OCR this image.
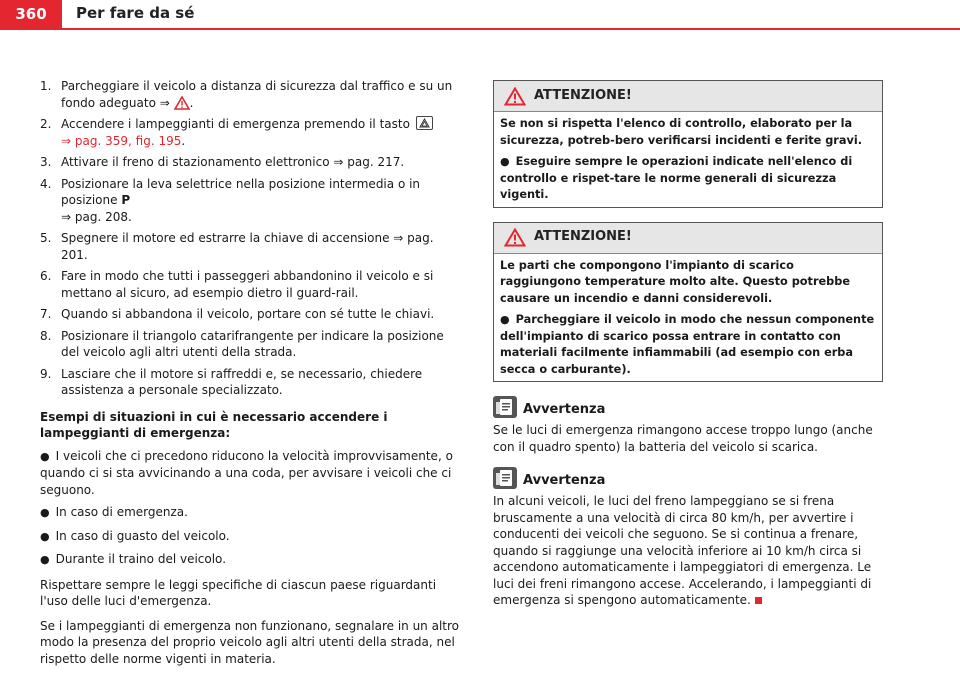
360	Per fare da sé
1. Parcheggiare il veicolo a distanza di sicurezza dal traffico e su un fondo adeguato ⇒ .
2. Accendere i lampeggianti di emergenza premendo il tasto

⇒ pag. 359, fig. 195.
3. Attivare il freno di stazionamento elettronico ⇒ pag. 217.
4. Posizionare la leva selettrice nella posizione intermedia o in posizione P
⇒ pag. 208.
5. Spegnere il motore ed estrarre la chiave di accensione ⇒ pag. 201.
6. Fare in modo che tutti i passeggeri abbandonino il veicolo e si mettano al sicuro, ad esempio dietro il guard-rail.
7. Quando si abbandona il veicolo, portare con sé tutte le chiavi.
8. Posizionare il triangolo catarifrangente per indicare la posizione del veicolo agli altri utenti della strada.
9. Lasciare che il motore si raffreddi e, se necessario, chiedere assistenza a personale specializzato.
Esempi di situazioni in cui è necessario accendere i lampeggianti di emergenza:
● I veicoli che ci precedono riducono la velocità improvvisamente, o quando ci si sta avvicinando a una coda, per avvisare i veicoli che ci seguono.
● In caso di emergenza.
● In caso di guasto del veicolo.
● Durante il traino del veicolo.

Rispettare sempre le leggi specifiche di ciascun paese riguardanti l'uso delle luci d'emergenza.

Se i lampeggianti di emergenza non funzionano, segnalare in un altro modo la presenza del proprio veicolo agli altri utenti della strada, nel rispetto delle norme vigenti in materia.

ATTENZIONE!

Se non si rispetta l'elenco di controllo, elaborato per la sicurezza, potreb-bero verificarsi incidenti e ferite gravi.

● Eseguire sempre le operazioni indicate nell'elenco di controllo e rispet-tare le norme generali di sicurezza vigenti.

ATTENZIONE!

Le parti che compongono l'impianto di scarico raggiungono temperature molto alte. Questo potrebbe causare un incendio e danni considerevoli.

● Parcheggiare il veicolo in modo che nessun componente dell'impianto di scarico possa entrare in contatto con materiali facilmente infiammabili (ad esempio con erba secca o carburante).

Avvertenza

Se le luci di emergenza rimangono accese troppo lungo (anche con il quadro spento) la batteria del veicolo si scarica.

Avvertenza

In alcuni veicoli, le luci del freno lampeggiano se si frena bruscamente a una velocità di circa 80 km/h, per avvertire i conducenti dei veicoli che seguono. Se si continua a frenare, quando si raggiunge una velocità inferiore ai 10 km/h circa si accendono automaticamente i lampeggiatori di emergenza. Le luci dei freni rimangono accese. Accelerando, i lampeggianti di emergenza si spengono automaticamente.
